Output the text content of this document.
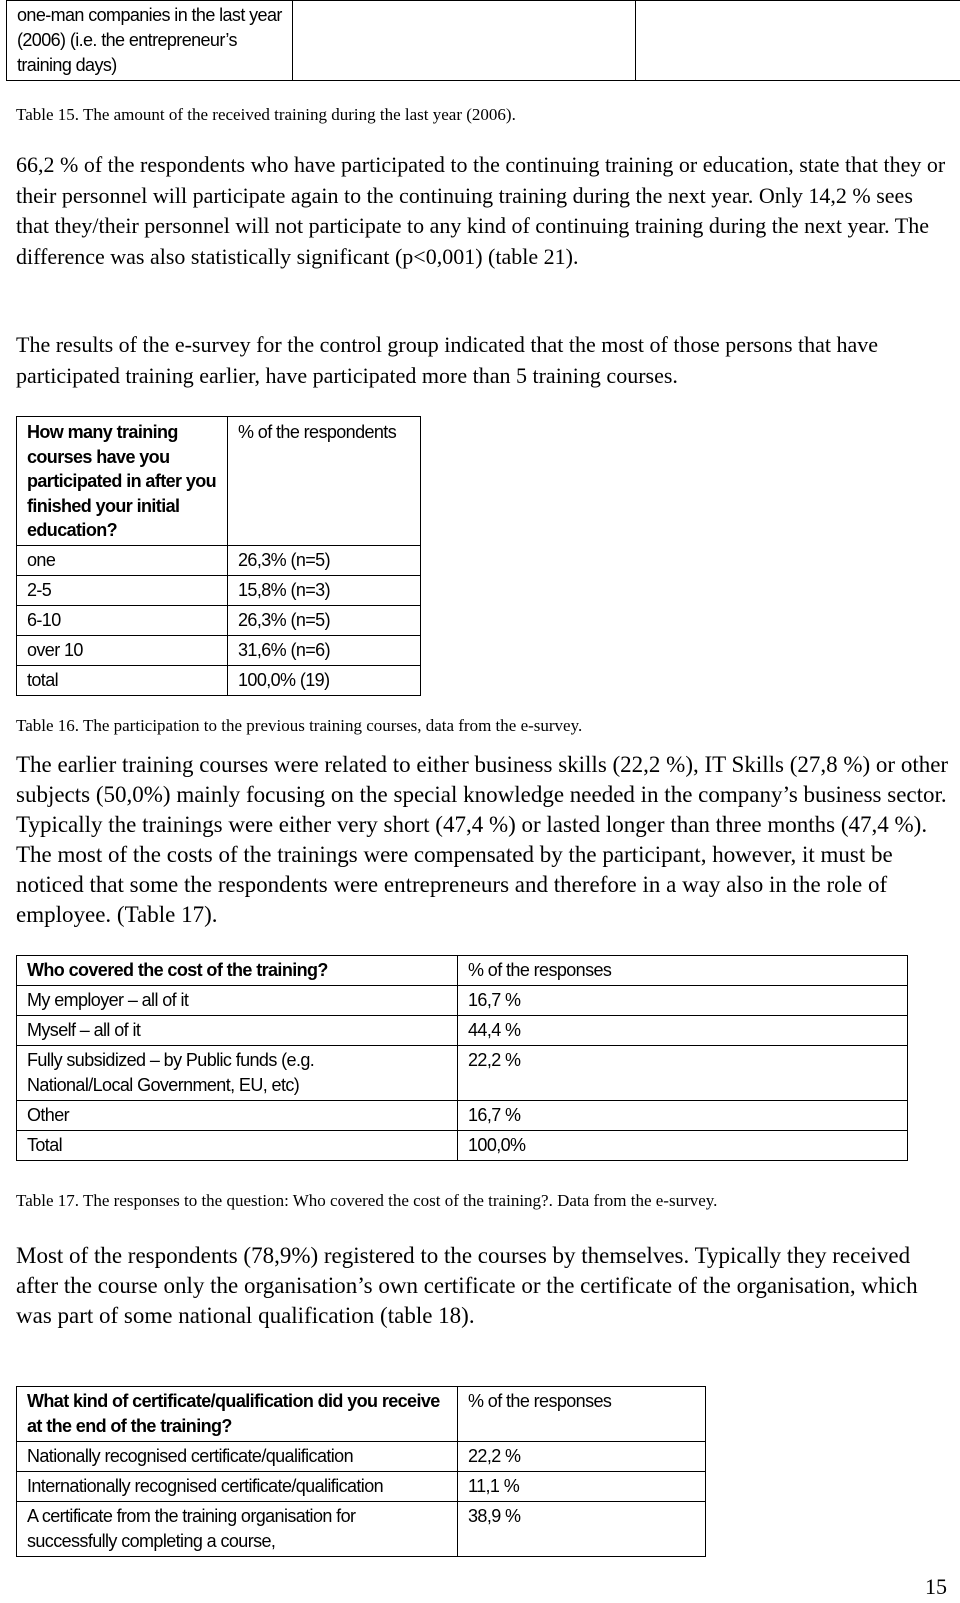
one-man companies in the last year (2006) (i.e. the entrepreneur’s training days)		
Table 15. The amount of the received training during the last year (2006).
66,2 % of the respondents who have participated to the continuing training or education, state that they or their personnel will participate again to the continuing training during the next year. Only 14,2 % sees that they/their personnel will not participate to any kind of continuing training during the next year. The difference was also statistically significant (p<0,001) (table 21).
The results of the e-survey for the control group indicated that the most of those persons that have participated training earlier, have participated more than 5 training courses.
How many training courses have you participated in after you finished your initial education?	% of the respondents
one	26,3% (n=5)
2-5	15,8% (n=3)
6-10	26,3% (n=5)
over 10	31,6% (n=6)
total	100,0% (19)
Table 16. The participation to the previous training courses, data from the e-survey.
The earlier training courses were related to either business skills (22,2 %), IT Skills (27,8 %) or other subjects (50,0%) mainly focusing on the special knowledge needed in the company’s business sector. Typically the trainings were either very short (47,4 %) or lasted longer than three months (47,4 %). The most of the costs of the trainings were compensated by the participant, however, it must be noticed that some the respondents were entrepreneurs and therefore in a way also in the role of employee. (Table 17).
Who covered the cost of the training?	% of the responses
My employer – all of it	16,7 %
Myself – all of it	44,4 %
Fully subsidized – by Public funds (e.g. National/Local Government, EU, etc)	22,2 %
Other	16,7 %
Total	100,0%
Table 17. The responses to the question: Who covered the cost of the training?. Data from the e-survey.
Most of the respondents (78,9%) registered to the courses by themselves. Typically they received after the course only the organisation’s own certificate or the certificate of the organisation, which was part of some national qualification (table 18).
What kind of certificate/qualification did you receive at the end of the training?	% of the responses
Nationally recognised certificate/qualification	22,2 %
Internationally recognised certificate/qualification	11,1 %
A certificate from the training organisation for successfully completing a course,	38,9 %
15
